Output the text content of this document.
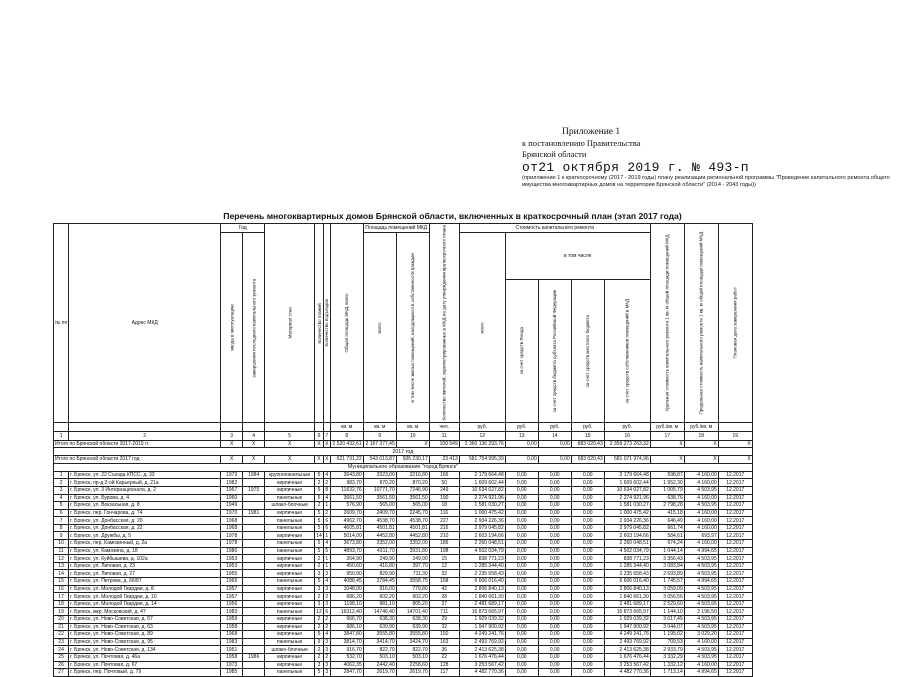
Приложение 1
к постановлению Правительства
Брянской области
от21 октября 2019 г. № 493-п
(приложение 1 к краткосрочному (2017 - 2019 годы) плану реализации региональной программы "Проведение капитального ремонта общего имущества многоквартирных домов на территории Брянской области" (2014 - 2043 годы))
Перечень многоквартирных домов Брянской области, включенных в краткосрочный план (этап 2017 года)
№ пп	Адрес МКД	Год		Материал стен	Количество этажей	Количество подъездов	Общая площадь МКД, всего	Площадь помещений МКД		Количество жителей, зарегистрированных в МКД на дату утверждения краткосрочного плана	Стоимость капитального ремонта					Удельная стоимость капитального ремонта 1 кв. м общей площади помещений МКД	Предельная стоимость капитального ремонта 1 кв. м общей площади помещений МКД	Плановая дата завершения работ
		ввода в эксплуатацию	завершения последнего капитального ремонта					всего	в том числе жилых помещений, находящихся в собственности граждан		всего	в том числе						
												за счет средств Фонда	за счет средств бюджета субъекта Российской Федерации	за счет средств местного бюджета	за счет средств собственников помещений в МКД			
							кв. м	кв. м	кв. м	чел.	руб.	руб.	руб.	руб.	руб.	руб./кв. м	руб./кв. м	
1	2	3	4	5	6	7	8	9	10	11	12	13	14	15	16	17	18	19
Итого по Брянской области 2017-2019 гг.		X	X	X	X	X	2 520 432,61	2 167 377,45	X	100 549	2 360 136 293,76	0,00	0,00	883 020,43	2 359 273 263,32	X	X	X
2017 год																		
Итого по Брянской области 2017 год		X	X	X	X	X	621 731,22	543 013,87	505 230,17	23 413	581 754 995,39	0,00	0,00	683 020,43	581 071 974,96	X	X	X
Муниципальное образование "город Брянск"																		
1	г. Брянск, ул. 22 Съезда КПСС, д. 33	1973	1984	крупнопанельные	5	4	3643,80	3323,00	3216,80	166	2 179 664,48	0,00	0,00	0,00	2 179 664,48	598,87	4 160,00	12.2017
2	г. Брянск, пр-д 2-ой Карьерный, д. 21а	1982		кирпичные	2	2	983,70	870,20	870,20	50	1 609 602,44	0,00	0,00	0,00	1 609 602,44	1 952,30	4 160,00	12.2017
3	г. Брянск, ул. 3 Интернационала, д. 2	1957	1975	кирпичные	5	8	11632,76	10771,70	7246,90	249	10 634 027,82	0,00	0,00	0,00	10 634 027,82	1 005,79	4 503,95	12.2017
4	г. Брянск, ул. Бурова, д. 4	1960		панельные	5	4	3661,50	3561,50	3561,50	190	2 274 921,96	0,00	0,00	0,00	2 274 921,96	638,76	4 160,00	12.2017
5	г. Брянск, ул. Вокзальная, д. 8	1949		шлако-блочные	2	1	576,90	565,00	565,00	18	1 581 030,27	0,00	0,00	0,00	1 581 030,27	2 798,28	4 503,95	12.2017
6	г. Брянск, пер. Гончарова, д. 74	1970	1981	кирпичные	5	2	2609,70	2409,70	2245,70	116	1 000 475,42	0,00	0,00	0,00	1 000 475,42	415,18	4 160,00	12.2017
7	г. Брянск, ул. Донбасская, д. 20	1968		панельные	5	6	4962,70	4538,70	4538,70	227	2 934 226,36	0,00	0,00	0,00	2 934 226,36	646,49	4 160,00	12.2017
8	г. Брянск, ул. Донбасская, д. 22	1968		панельные	5	6	4605,81	4501,81	4501,81	216	2 979 045,82	0,00	0,00	0,00	2 979 045,82	661,74	4 160,00	12.2017
9	г. Брянск, ул. Дружбы, д. 5	1978		кирпичные	14	1	5014,00	4452,80	4452,80	210	2 603 194,66	0,00	0,00	0,00	2 603 194,66	584,61	693,97	12.2017
10	г. Брянск, пер. Камозинный, д. 2а	1978		панельные	5	4	3673,80	3352,00	3352,00	186	2 260 048,51	0,00	0,00	0,00	2 260 048,51	674,24	4 160,00	12.2017
11	г. Брянск, ул. Камозина, д. 18	1980		панельные	5	5	4893,70	4311,70	3931,80	198	4 502 034,79	0,00	0,00	0,00	4 502 034,79	1 044,14	4 994,65	12.2017
12	г. Брянск, ул. Куйбышева, д. 102а	1953		кирпичные	2	1	264,90	249,90	249,90	15	838 771,23	0,00	0,00	0,00	838 771,23	3 356,43	4 503,95	12.2017
13	г. Брянск, ул. Липовая, д. 23	1953		кирпичные	2	1	450,60	416,80	397,70	12	1 285 344,40	0,00	0,00	0,00	1 285 344,40	3 083,84	4 503,95	12.2017
14	г. Брянск, ул. Липовая, д. 27	1955		кирпичные	3	3	950,90	829,90	711,30	32	2 235 658,43	0,00	0,00	0,00	2 235 658,43	2 693,89	4 503,95	12.2017
15	г. Брянск, ул. Петрова, д. 66/87	1965		панельные	5	4	4088,45	3784,45	3558,75	168	6 606 016,40	0,00	0,00	0,00	6 606 016,40	1 745,57	4 994,65	12.2017
16	г. Брянск, ул. Молодой Гвардии, д. 8	1957		кирпичные	3	3	1048,00	916,00	779,80	42	2 806 840,13	0,00	0,00	0,00	2 806 840,13	3 059,09	4 503,95	12.2017
17	г. Брянск, ул. Молодой Гвардии, д. 10	1957		кирпичные	2	2	686,20	602,20	602,20	28	1 840 661,30	0,00	0,00	0,00	1 840 661,30	3 056,56	4 503,95	12.2017
18	г. Брянск, ул. Молодой Гвардии, д. 14	1956		кирпичные	3	3	1198,10	981,10	805,20	37	2 481 689,17	0,00	0,00	0,00	2 481 689,17	2 529,60	4 503,95	12.2017
19	г. Брянск, мкр. Московский, д. 47	1983		панельные	12	6	16312,40	14746,40	14701,40	711	16 873 665,97	0,00	0,00	0,00	16 873 665,97	1 144,10	2 196,50	12.2017
20	г. Брянск, ул. Ново-Советская, д. 57	1959		кирпичные	2	2	666,70	638,30	638,30	29	1 929 039,32	0,00	0,00	0,00	1 929 039,32	3 017,45	4 503,95	12.2017
21	г. Брянск, ул. Ново-Советская, д. 63	1958		кирпичные	2	2	686,10	639,90	639,90	32	1 947 900,92	0,00	0,00	0,00	1 947 900,92	3 044,07	4 503,95	12.2017
22	г. Брянск, ул. Ново-Советская, д. 89	1968		кирпичные	5	4	3847,80	3555,80	3555,80	150	4 249 241,76	0,00	0,00	0,00	4 249 241,76	1 195,02	3 029,20	12.2017
23	г. Брянск, ул. Ново-Советская, д. 95	1983		панельные	9	3	3814,70	3414,70	3424,70	163	2 493 769,92	0,00	0,00	0,00	2 493 769,92	709,53	4 160,00	12.2017
24	г. Брянск, ул. Ново-Советская, д. 134	1951		шлако-блочные	2	3	916,70	822,70	822,70	36	2 413 625,38	0,00	0,00	0,00	2 413 625,38	2 933,79	4 503,95	12.2017
25	г. Брянск, ул. Почтовая, д. 46а	1958	1986	кирпичные	2	2	532,70	503,10	503,10	22	1 676 476,44	0,00	0,00	0,00	1 676 476,44	3 332,29	4 503,95	12.2017
26	г. Брянск, ул. Почтовая, д. 67	1973		кирпичные	3	3	4062,35	2442,40	2258,60	128	3 253 567,42	0,00	0,00	0,00	3 253 567,42	1 332,12	4 160,00	12.2017
27	г. Брянск, пер. Почтовый, д. 79	1985		панельные	5	3	2847,70	2619,70	2619,70	117	4 482 770,36	0,00	0,00	0,00	4 482 770,36	1 713,14	4 994,65	12.2017
